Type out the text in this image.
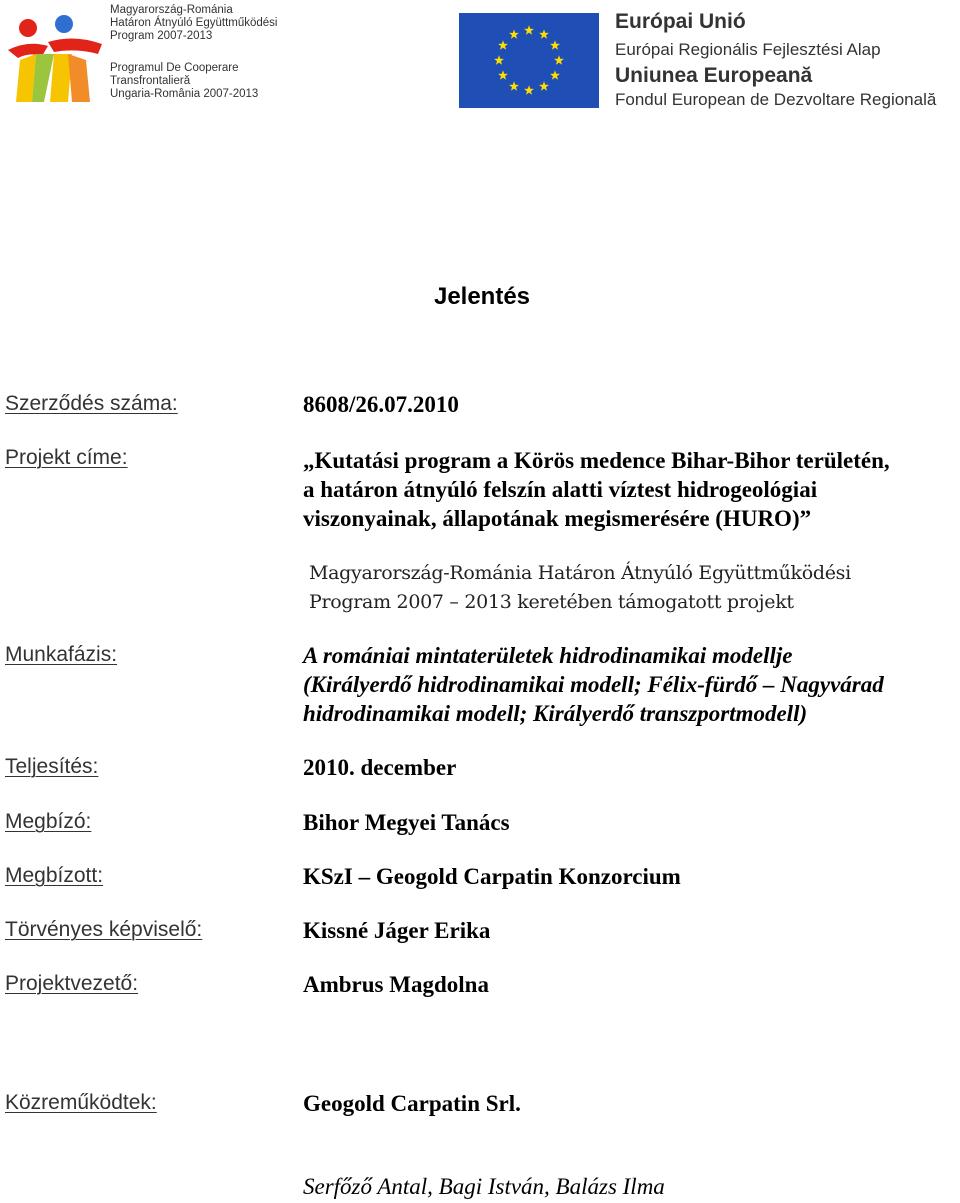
Magyarország-Románia
Határon Átnyúló Együttműködési
Program 2007-2013
Programul De Cooperare
Transfrontalieră
Ungaria-România 2007-2013
Európai Unió
Európai Regionális Fejlesztési Alap
Uniunea Europeană
Fondul European de Dezvoltare Regională
Jelentés
Szerződés száma:	8608/26.07.2010
Projekt címe:	„Kutatási program a Körös medence Bihar-Bihor területén,
a határon átnyúló felszín alatti víztest hidrogeológiai
viszonyainak, állapotának megismerésére (HURO)”
Magyarország-Románia Határon Átnyúló Együttműködési
Program 2007 – 2013 keretében támogatott projekt
Munkafázis:	A romániai mintaterületek hidrodinamikai modellje
(Királyerdő hidrodinamikai modell; Félix-fürdő – Nagyvárad
hidrodinamikai modell; Királyerdő transzportmodell)
Teljesítés:	2010. december
Megbízó:	Bihor Megyei Tanács
Megbízott:	KSzI – Geogold Carpatin Konzorcium
Törvényes képviselő:	Kissné Jáger Erika
Projektvezető:	Ambrus Magdolna
Közreműködtek:	Geogold Carpatin Srl.
Serfőző Antal, Bagi István, Balázs Ilma
